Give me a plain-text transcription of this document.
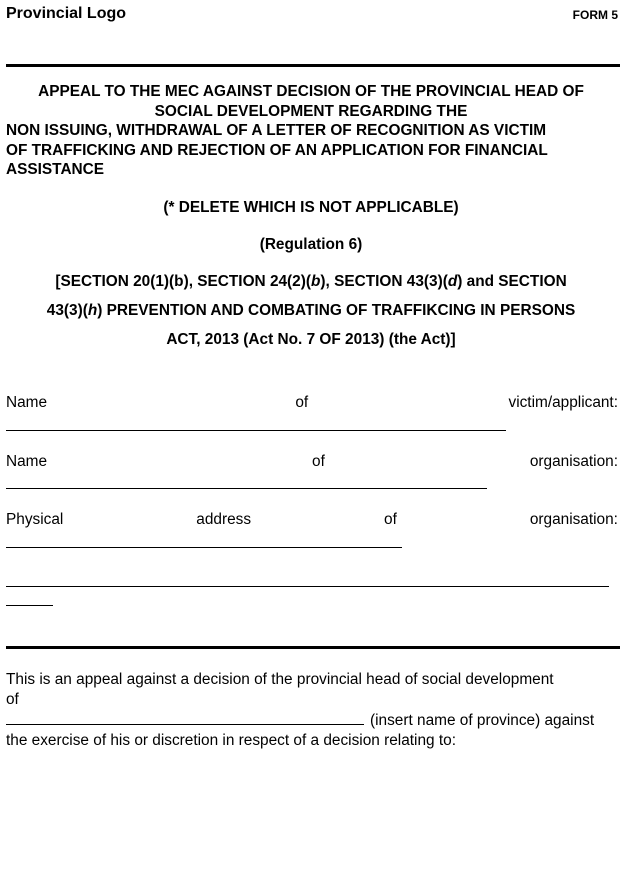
Provincial Logo	FORM 5
APPEAL TO THE MEC AGAINST DECISION OF THE PROVINCIAL HEAD OF
SOCIAL DEVELOPMENT REGARDING THE
NON ISSUING, WITHDRAWAL OF A LETTER OF RECOGNITION AS VICTIM
OF TRAFFICKING AND REJECTION OF AN APPLICATION FOR FINANCIAL
ASSISTANCE
(* DELETE WHICH IS NOT APPLICABLE)
(Regulation 6)
[SECTION 20(1)(b), SECTION 24(2)(b), SECTION 43(3)(d) and SECTION
43(3)(h) PREVENTION AND COMBATING OF TRAFFIKCING IN PERSONS
ACT, 2013 (Act No. 7 OF 2013) (the Act)]
Name	of	victim/applicant:
Name	of	organisation:
Physical	address	of	organisation:
This is an appeal against a decision of the provincial head of social development
of
(insert name of province) against
the exercise of his or discretion in respect of a decision relating to:
